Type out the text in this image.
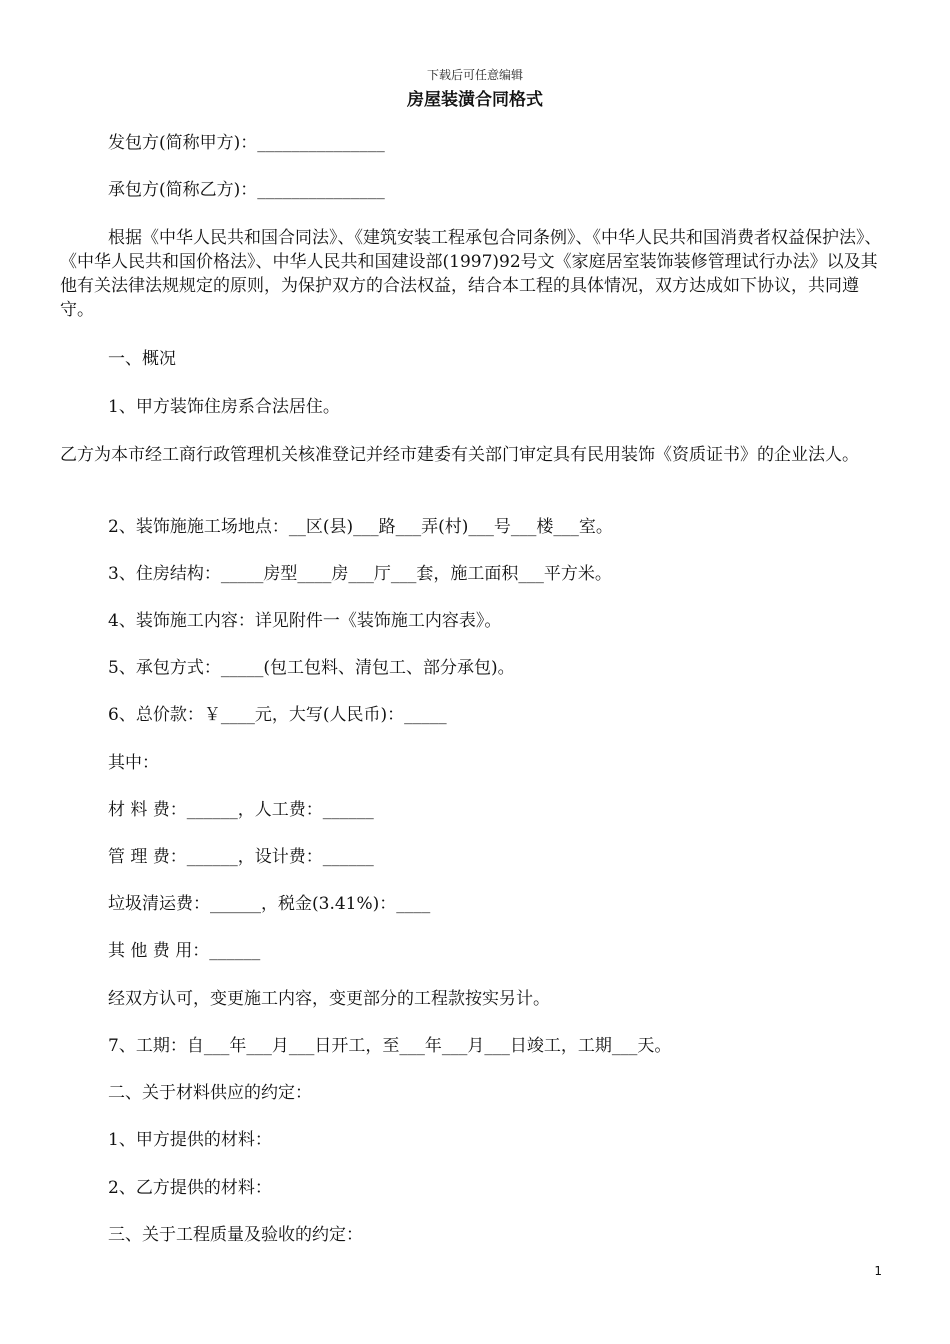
下载后可任意编辑
房屋装潢合同格式

发包方(简称甲方)：_______________

承包方(简称乙方)：_______________

根据《中华人民共和国合同法》、《建筑安装工程承包合同条例》、《中华人民共和国消费者权益保护法》、《中华人民共和国价格法》、中华人民共和国建设部(1997)92号文《家庭居室装饰装修管理试行办法》以及其他有关法律法规规定的原则，为保护双方的合法权益，结合本工程的具体情况，双方达成如下协议，共同遵守。

一、概况

1、甲方装饰住房系合法居住。

乙方为本市经工商行政管理机关核准登记并经市建委有关部门审定具有民用装饰《资质证书》的企业法人。

2、装饰施施工场地点：__区(县)___路___弄(村)___号___楼___室。

3、住房结构：_____房型____房___厅___套，施工面积___平方米。

4、装饰施工内容：详见附件一《装饰施工内容表》。

5、承包方式：_____(包工包料、清包工、部分承包)。

6、总价款：￥____元，大写(人民币)：_____

其中：

材 料 费：______，人工费：______

管 理 费：______，设计费：______

垃圾清运费：______，税金(3.41%)：____

其 他 费 用：______

经双方认可，变更施工内容，变更部分的工程款按实另计。

7、工期：自___年___月___日开工，至___年___月___日竣工，工期___天。

二、关于材料供应的约定：

1、甲方提供的材料：

2、乙方提供的材料：

三、关于工程质量及验收的约定：

1
